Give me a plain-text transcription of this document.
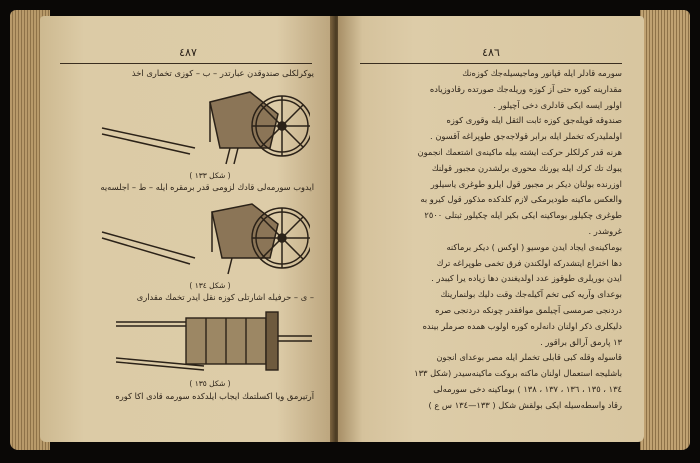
٤٨٧
یوکرلکلی صندوقدن عبارتدر – ب – کوزی تخماری اخذ
( شکل ۱۳۳ )
ایدوب سورمه‌لی قادك لزومی قدر برمقره ایله – ط – اجلسه‌یه
( شکل ۱۳٤ )
– ی – حرفیله اشارتلی کوزه نقل ایدر تخمك مقداری
( شکل ۱۳٥ )
آرتیرمق ویا اکسلتمك ایجاب ایلدکده سورمه قادی اکا کوره
٤٨٦
سورمه قادلر ایله قپانور وماجیسیله‌جك کوزه‌نك
مقدارینه کوره حتی آز کوزه وریله‌جك صورتده رقادوزیاده
اولور ایسه ایکی قادلری دخی آچیلور .
صندوقه قویله‌جق کوزه ثابت الثقل ایله وقوری کوزه
اولملیدرکه تخملر ایله برابر قولاجه‌جق طوپراغه آقسون .
هرنه قدر کرلکلر حرکت ایشته بیله ماکینه‌ی اشتعمك انجمون
یبوك تك کرك ایله یورنك محوری برلشدرن مجبور قولنك
اوزرنده بولنان دیکر بر مجبور قول ایلرو طوغری یاسیلور
والعکس ماکینه طودیرمکی لازم کلدکده مذکور قول کیرو به
طوغری چکیلور بوماکینه ایکی بکیر ایله چکیلور ثبتلی ٢٥٠٠
غروشدر .
بوماکینه‌ی ایجاد ایدن موسیو ( اوکس ) دیکر برماکنه
دها اختراع ایتشدرکه اولکندن فرق تخمی طوپراغه ترك
ایدن بوریلری طوقوز عدد اولدیغندن دها زیاده یرا کیبدر .
بوعدای وآریه کبی تخم آکیله‌جك وقت دلیك بولنمارینك
دردنجی صرمسی آچیلمق موافقدر چونکه دردنجی صره
دلیکلری ذکر اولنان دانه‌لره کوره اولوب همده صرملر بینده
۱۳ پارمق آرالق براقور .
قاسوله وقله کبی قابلی تخملر ایله مصر بوعدای انجون
باشلیجه استعمال اولنان ماکنه بروکت ماکینه‌سیدر (شکل ۱۳۳
۱۳٤ ، ۱۳٥ ، ۱۳٦ ، ۱۳۷ ، ۱۳۸ ) بوماکینه دخی سورمه‌لی
رقاد واسطه‌سیله ایکی بولقش شکل ( ۱۳۳—۱۳٤ س ع )
